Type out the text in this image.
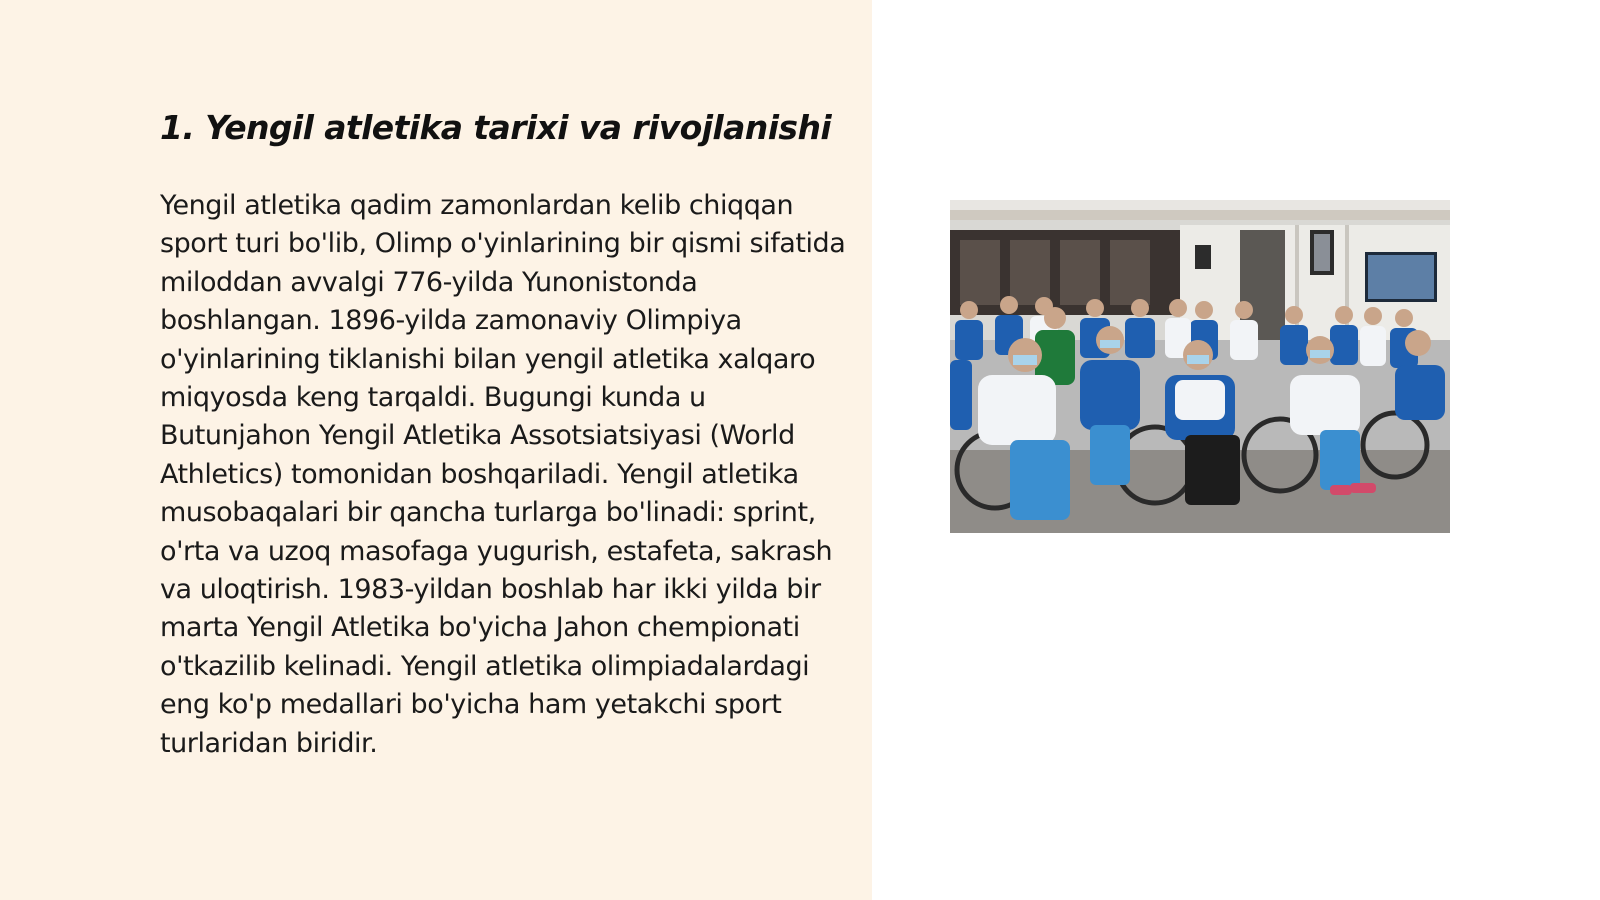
1. Yengil atletika tarixi va rivojlanishi

Yengil atletika qadim zamonlardan kelib chiqqan sport turi bo'lib, Olimp o'yinlarining bir qismi sifatida miloddan avvalgi 776-yilda Yunonistonda boshlangan. 1896-yilda zamonaviy Olimpiya o'yinlarining tiklanishi bilan yengil atletika xalqaro miqyosda keng tarqaldi. Bugungi kunda u Butunjahon Yengil Atletika Assotsiatsiyasi (World Athletics) tomonidan boshqariladi. Yengil atletika musobaqalari bir qancha turlarga bo'linadi: sprint, o'rta va uzoq masofaga yugurish, estafeta, sakrash va uloqtirish. 1983-yildan boshlab har ikki yilda bir marta Yengil Atletika bo'yicha Jahon chempionati o'tkazilib kelinadi. Yengil atletika olimpiadalardagi eng ko'p medallari bo'yicha ham yetakchi sport turlaridan biridir.
